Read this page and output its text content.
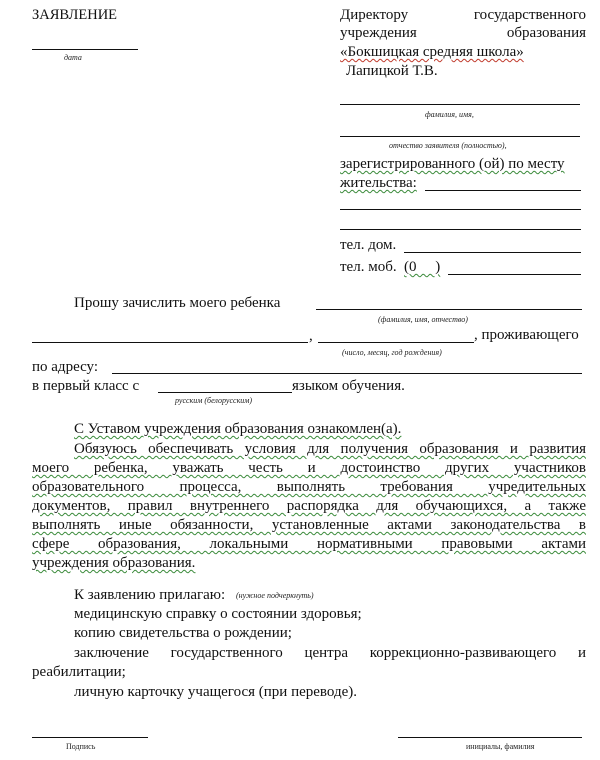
ЗАЯВЛЕНИЕ
дата
Директору	государственного
учреждения	образования
«Бокшицкая средняя школа»
Лапицкой Т.В.
фамилия, имя,
отчество заявителя (полностью),
зарегистрированного (ой) по месту
жительства:
тел. дом.
тел. моб. (0     )
Прошу зачислить моего ребенка
(фамилия, имя, отчество)
,	, проживающего
(число, месяц, год рождения)
по адресу:
в первый класс с	языком обучения.
русским (белорусским)
С Уставом учреждения образования ознакомлен(а).
Обязуюсь обеспечивать условия для получения образования и развития
моего ребенка, уважать честь и достоинство других участников
образовательного процесса, выполнять требования учредительных
документов, правил внутреннего распорядка для обучающихся, а также
выполнять иные обязанности, установленные актами законодательства в
сфере образования, локальными нормативными правовыми актами
учреждения образования.
К заявлению прилагаю: (нужное подчеркнуть)
медицинскую справку о состоянии здоровья;
копию свидетельства о рождении;
заключение государственного центра коррекционно-развивающего и
реабилитации;
личную карточку учащегося (при переводе).
Подпись	инициалы, фамилия
